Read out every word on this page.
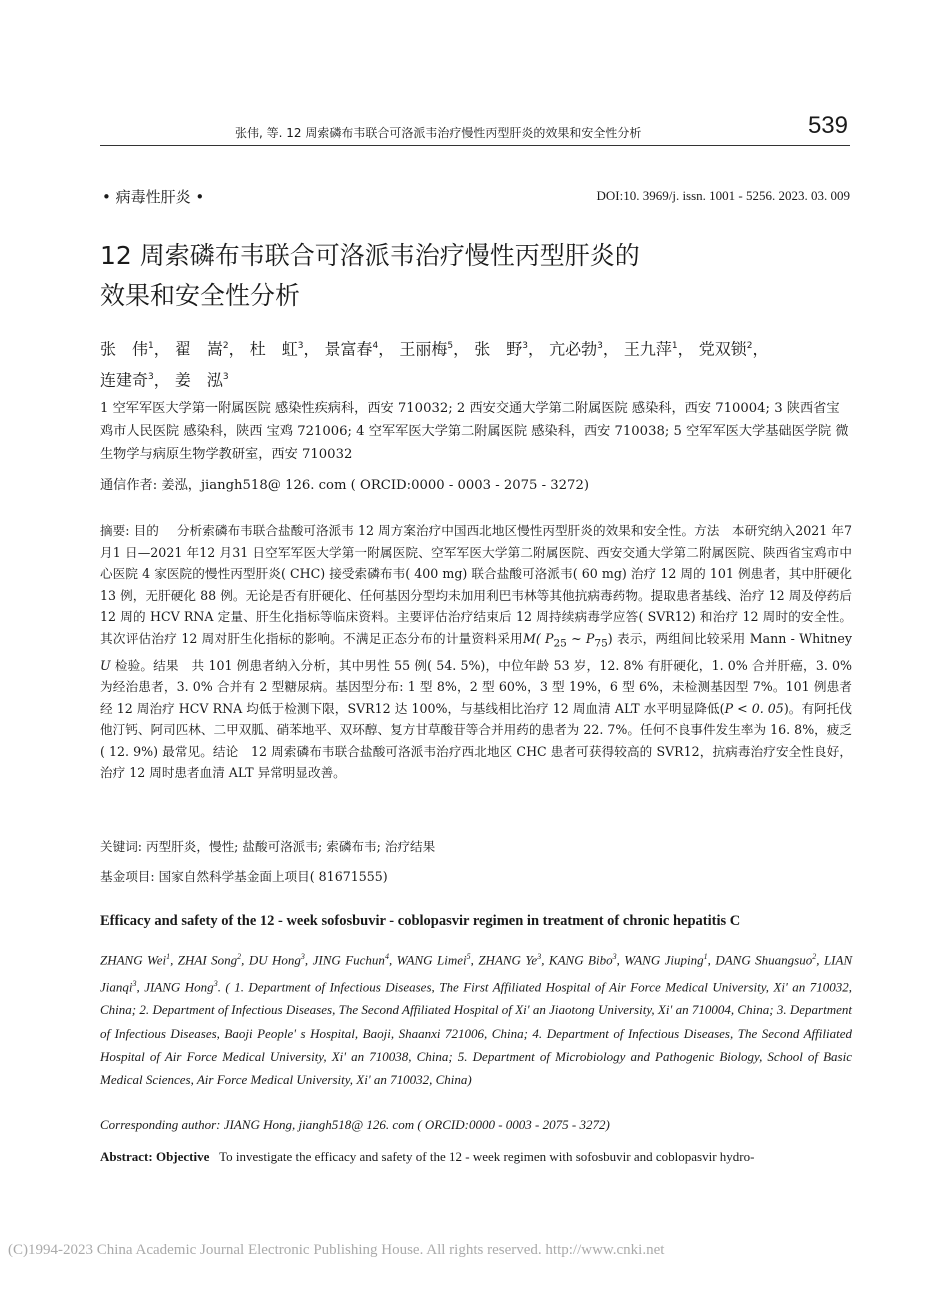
张伟, 等. 12 周索磷布韦联合可洛派韦治疗慢性丙型肝炎的效果和安全性分析	539
• 病毒性肝炎 •	DOI:10. 3969/j. issn. 1001 - 5256. 2023. 03. 009
12 周索磷布韦联合可洛派韦治疗慢性丙型肝炎的
效果和安全性分析
张　伟$^1$， 翟　嵩$^2$， 杜　虹$^3$， 景富春$^4$， 王丽梅$^5$， 张　野$^3$， 亢必勃$^3$， 王九萍$^1$， 党双锁$^2$，
连建奇$^3$， 姜　泓$^3$
1 空军军医大学第一附属医院 感染性疾病科，西安 710032; 2 西安交通大学第二附属医院 感染科，西安 710004; 3 陕西省宝鸡市人民医院 感染科，陕西 宝鸡 721006; 4 空军军医大学第二附属医院 感染科，西安 710038; 5 空军军医大学基础医学院 微生物学与病原生物学教研室，西安 710032
通信作者: 姜泓，jiangh518@ 126. com ( ORCID:0000 - 0003 - 2075 - 3272)
摘要: 目的 分析索磷布韦联合盐酸可洛派韦 12 周方案治疗中国西北地区慢性丙型肝炎的效果和安全性。方法　 本研究纳入2021 年7 月1 日—2021 年12 月31 日空军军医大学第一附属医院、空军军医大学第二附属医院、西安交通大学第二附属医院、陕西省宝鸡市中心医院 4 家医院的慢性丙型肝炎( CHC) 接受索磷布韦( 400 mg) 联合盐酸可洛派韦( 60 mg) 治疗 12 周的 101 例患者，其中肝硬化 13 例，无肝硬化 88 例。无论是否有肝硬化、任何基因分型均未加用利巴韦林等其他抗病毒药物。提取患者基线、治疗 12 周及停药后 12 周的 HCV RNA 定量、肝生化指标等临床资料。主要评估治疗结束后 12 周持续病毒学应答( SVR12) 和治疗 12 周时的安全性。其次评估治疗 12 周对肝生化指标的影响。不满足正态分布的计量资料采用M( $P_{25}$ ~ $P_{75}$) 表示，两组间比较采用 Mann - Whitney U 检验。结果　 共 101 例患者纳入分析，其中男性 55 例( 54. 5%)，中位年龄 53 岁，12. 8% 有肝硬化，1. 0% 合并肝癌，3. 0% 为经治患者，3. 0% 合并有 2 型糖尿病。基因型分布: 1 型 8%，2 型 60%，3 型 19%，6 型 6%，未检测基因型 7%。101 例患者经 12 周治疗 HCV RNA 均低于检测下限，SVR12 达 100%，与基线相比治疗 12 周血清 ALT 水平明显降低(P < 0. 05)。有阿托伐他汀钙、阿司匹林、二甲双胍、硝苯地平、双环醇、复方甘草酸苷等合并用药的患者为 22. 7%。任何不良事件发生率为 16. 8%，疲乏( 12. 9%) 最常见。结论　 12 周索磷布韦联合盐酸可洛派韦治疗西北地区 CHC 患者可获得较高的 SVR12，抗病毒治疗安全性良好，治疗 12 周时患者血清 ALT 异常明显改善。
关键词: 丙型肝炎，慢性; 盐酸可洛派韦; 索磷布韦; 治疗结果
基金项目: 国家自然科学基金面上项目( 81671555)
Efficacy and safety of the 12 - week sofosbuvir - coblopasvir regimen in treatment of chronic hepatitis C
ZHANG Wei$^1$, ZHAI Song$^2$, DU Hong$^3$, JING Fuchun$^4$, WANG Limei$^5$, ZHANG Ye$^3$, KANG Bibo$^3$, WANG Jiuping$^1$, DANG Shuangsuo$^2$, LIAN Jianqi$^3$, JIANG Hong$^3$. ( 1. Department of Infectious Diseases, The First Affiliated Hospital of Air Force Medical University, Xi' an 710032, China; 2. Department of Infectious Diseases, The Second Affiliated Hospital of Xi' an Jiaotong University, Xi' an 710004, China; 3. Department of Infectious Diseases, Baoji People' s Hospital, Baoji, Shaanxi 721006, China; 4. Department of Infectious Diseases, The Second Affiliated Hospital of Air Force Medical University, Xi' an 710038, China; 5. Department of Microbiology and Pathogenic Biology, School of Basic Medical Sciences, Air Force Medical University, Xi' an 710032, China)
Corresponding author: JIANG Hong, jiangh518@ 126. com ( ORCID:0000 - 0003 - 2075 - 3272)
Abstract: Objective To investigate the efficacy and safety of the 12 - week regimen with sofosbuvir and coblopasvir hydro-
(C)1994-2023 China Academic Journal Electronic Publishing House. All rights reserved. http://www.cnki.net
